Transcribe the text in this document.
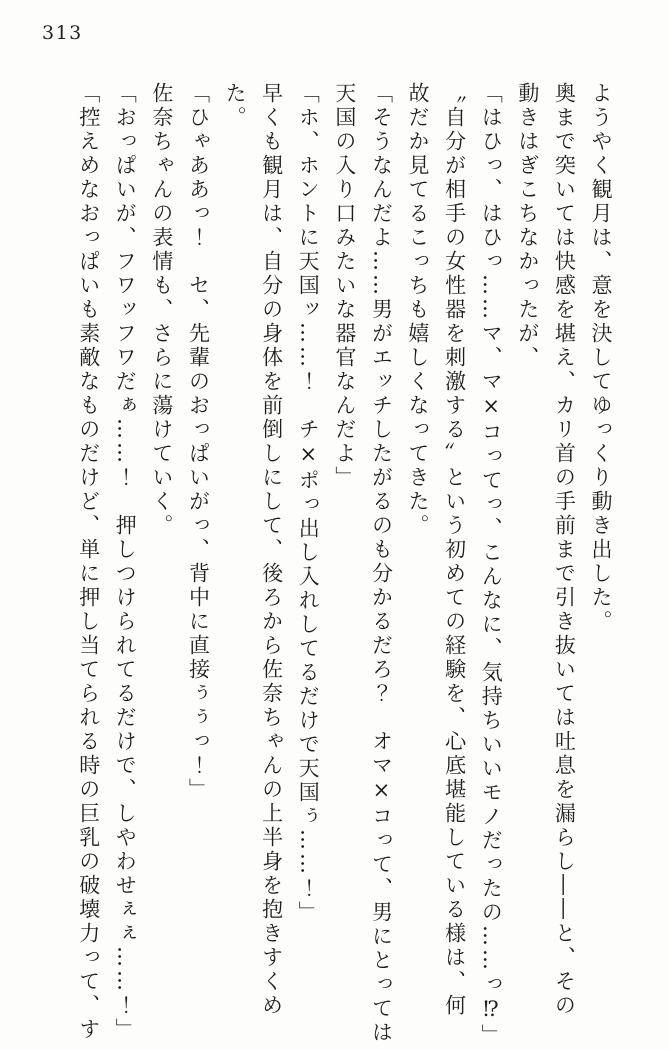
313
ようやく観月は、意を決してゆっくり動き出した。
奥まで突いては快感を堪え、カリ首の手前まで引き抜いては吐息を漏らし――と、その
動きはぎこちなかったが、
「はひっ、はひっ……マ、マ×コってっ、こんなに、気持ちいいモノだったの……っ⁉」
〝自分が相手の女性器を刺激する〟という初めての経験を、心底堪能している様は、何
故だか見てるこっちも嬉しくなってきた。
「そうなんだよ……男がエッチしたがるのも分かるだろ？　オマ×コって、男にとっては
天国の入り口みたいな器官なんだよ」
「ホ、ホントに天国ッ……！　チ×ポっ出し入れしてるだけで天国ぅ……！」
早くも観月は、自分の身体を前倒しにして、後ろから佐奈ちゃんの上半身を抱きすくめ
た。
「ひゃああっ！　セ、先輩のおっぱいがっ、背中に直接ぅぅっ！」
佐奈ちゃんの表情も、さらに蕩けていく。
「おっぱいが、フワッフワだぁ……！　押しつけられてるだけで、しやわせぇぇ……！」
「控えめなおっぱいも素敵なものだけど、単に押し当てられる時の巨乳の破壊力って、す
